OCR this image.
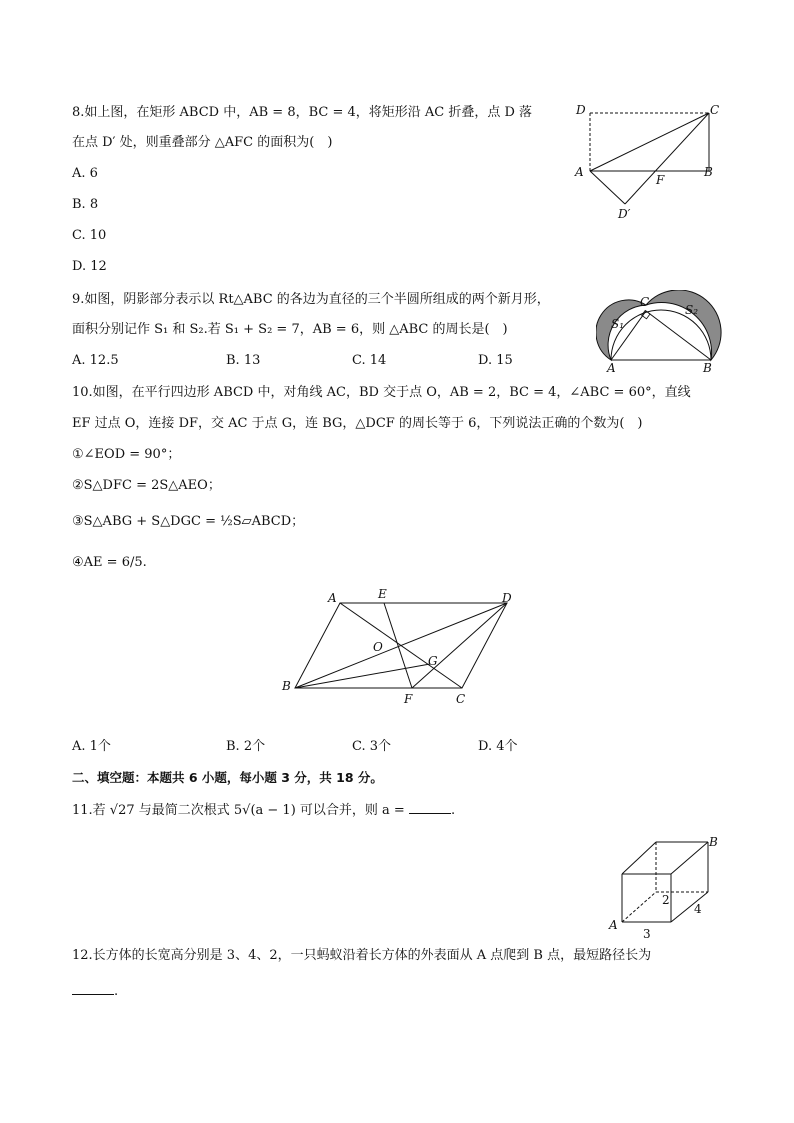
8.如上图，在矩形 ABCD 中，AB = 8，BC = 4，将矩形沿 AC 折叠，点 D 落
在点 D′ 处，则重叠部分 △AFC 的面积为(　)
A. 6
B. 8
C. 10
D. 12
D	C
A
F
B
D′
9.如图，阴影部分表示以 Rt△ABC 的各边为直径的三个半圆所组成的两个新月形，
面积分别记作 S₁ 和 S₂.若 S₁ + S₂ = 7，AB = 6，则 △ABC 的周长是(　)
A. 12.5	B. 13	C. 14	D. 15
C
S₁
S₂
A	B
10.如图，在平行四边形 ABCD 中，对角线 AC，BD 交于点 O，AB = 2，BC = 4，∠ABC = 60°，直线
EF 过点 O，连接 DF，交 AC 于点 G，连 BG，△DCF 的周长等于 6，下列说法正确的个数为(　)
①∠EOD = 90°；
②S△DFC = 2S△AEO；
③S△ABG + S△DGC = ½S▱ABCD；
④AE = 6/5.
A	E	D
O
G
B
F	C
A. 1个	B. 2个	C. 3个	D. 4个
二、填空题：本题共 6 小题，每小题 3 分，共 18 分。
11.若 √27 与最简二次根式 5√(a − 1) 可以合并，则 a =	.
B
A
2
4
3
12.长方体的长宽高分别是 3、4、2，一只蚂蚁沿着长方体的外表面从 A 点爬到 B 点，最短路径长为
.
